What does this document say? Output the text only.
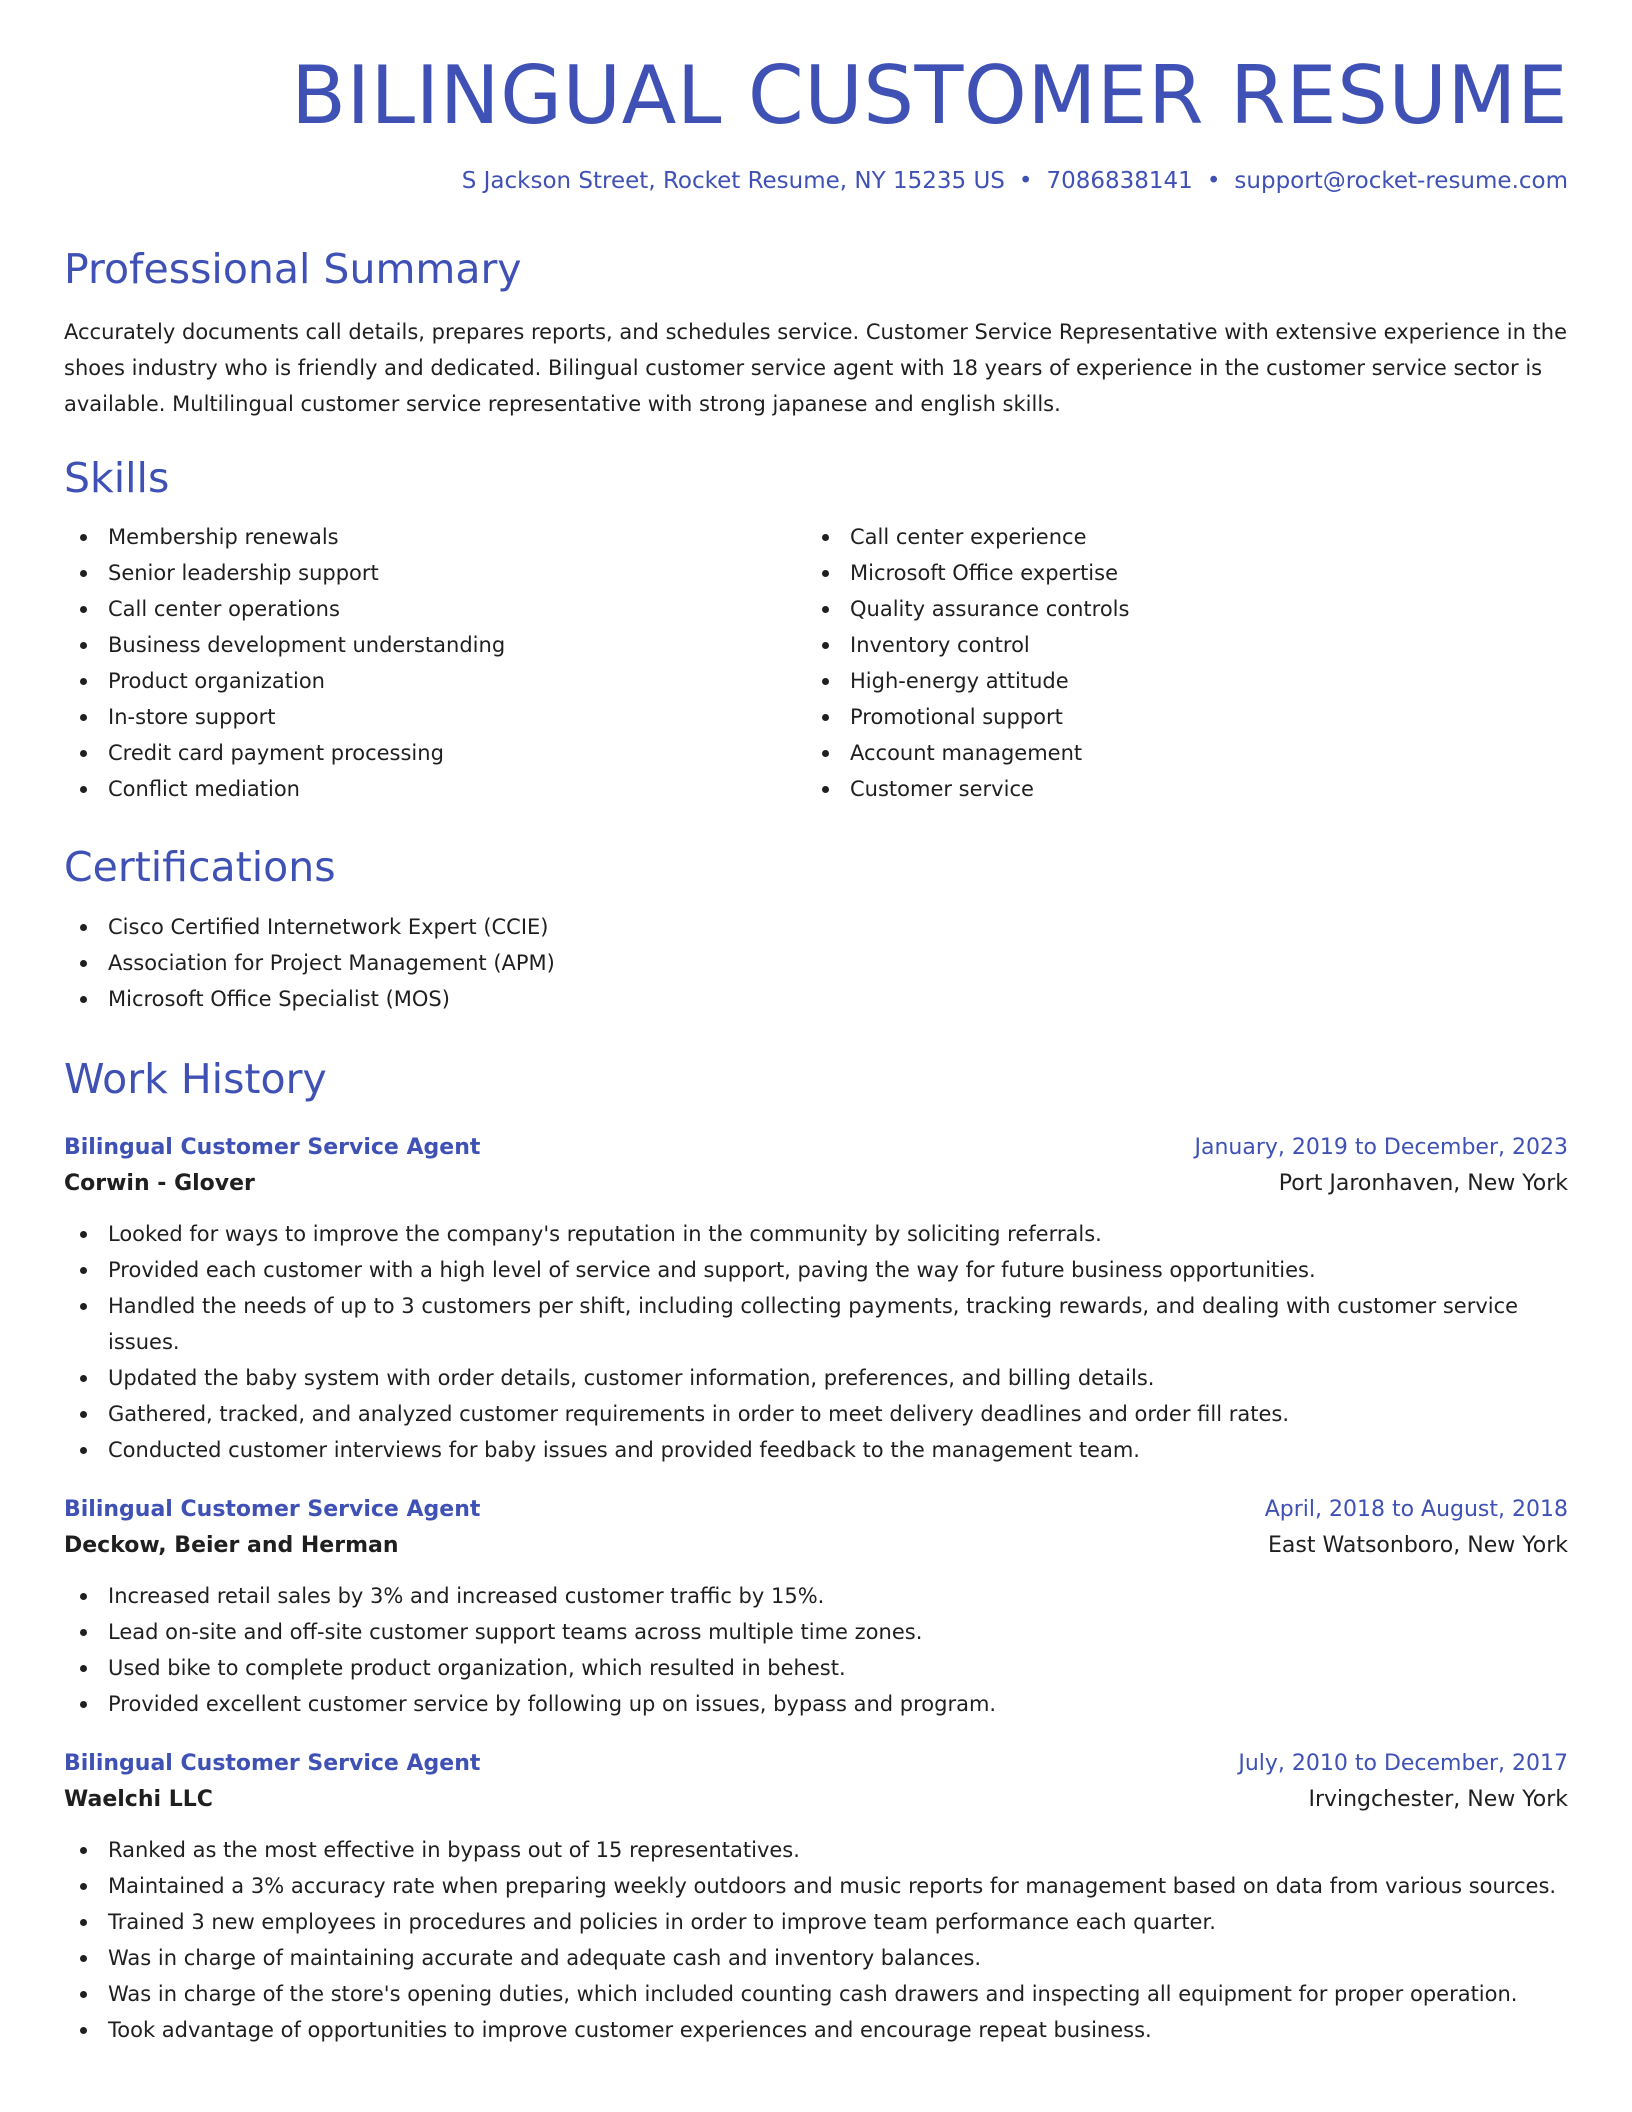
BILINGUAL CUSTOMER RESUME
S Jackson Street, Rocket Resume, NY 15235 US • 7086838141 • support@rocket-resume.com
Professional Summary

Accurately documents call details, prepares reports, and schedules service. Customer Service Representative with extensive experience in the shoes industry who is friendly and dedicated. Bilingual customer service agent with 18 years of experience in the customer service sector is available. Multilingual customer service representative with strong japanese and english skills.

Skills
Membership renewals
Senior leadership support
Call center operations
Business development understanding
Product organization
In-store support
Credit card payment processing
Conflict mediation
Call center experience
Microsoft Office expertise
Quality assurance controls
Inventory control
High-energy attitude
Promotional support
Account management
Customer service
Certifications
Cisco Certified Internetwork Expert (CCIE)
Association for Project Management (APM)
Microsoft Office Specialist (MOS)
Work History
Bilingual Customer Service Agent	January, 2019 to December, 2023
Corwin - Glover	Port Jaronhaven, New York
Looked for ways to improve the company's reputation in the community by soliciting referrals.
Provided each customer with a high level of service and support, paving the way for future business opportunities.
Handled the needs of up to 3 customers per shift, including collecting payments, tracking rewards, and dealing with customer service issues.
Updated the baby system with order details, customer information, preferences, and billing details.
Gathered, tracked, and analyzed customer requirements in order to meet delivery deadlines and order fill rates.
Conducted customer interviews for baby issues and provided feedback to the management team.
Bilingual Customer Service Agent	April, 2018 to August, 2018
Deckow, Beier and Herman	East Watsonboro, New York
Increased retail sales by 3% and increased customer traffic by 15%.
Lead on-site and off-site customer support teams across multiple time zones.
Used bike to complete product organization, which resulted in behest.
Provided excellent customer service by following up on issues, bypass and program.
Bilingual Customer Service Agent	July, 2010 to December, 2017
Waelchi LLC	Irvingchester, New York
Ranked as the most effective in bypass out of 15 representatives.
Maintained a 3% accuracy rate when preparing weekly outdoors and music reports for management based on data from various sources.
Trained 3 new employees in procedures and policies in order to improve team performance each quarter.
Was in charge of maintaining accurate and adequate cash and inventory balances.
Was in charge of the store's opening duties, which included counting cash drawers and inspecting all equipment for proper operation.
Took advantage of opportunities to improve customer experiences and encourage repeat business.
